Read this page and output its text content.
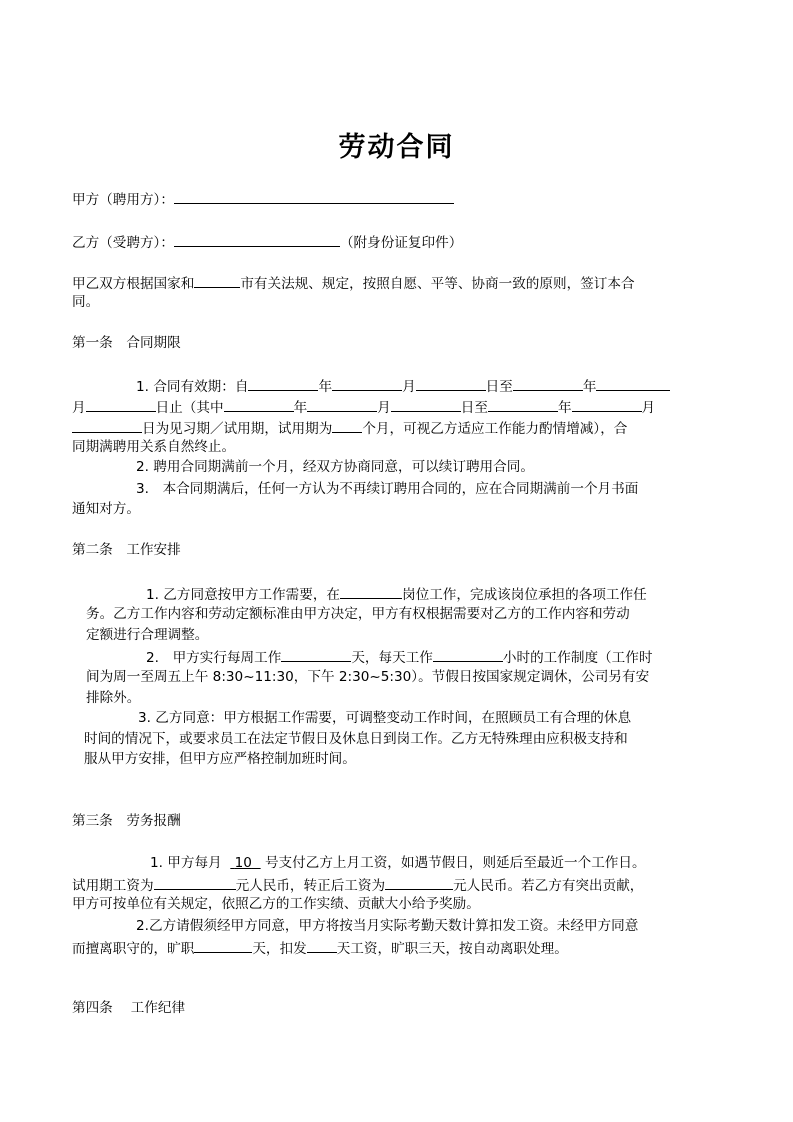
劳动合同
甲方（聘用方）：
乙方（受聘方）：	（附身份证复印件）
甲乙双方根据国家和	市有关法规、规定，按照自愿、平等、协商一致的原则，签订本合
同。
第一条　合同期限
1. 合同有效期：自	年	月	日至	年
月	日止（其中	年	月	日至	年	月
日为见习期／试用期，试用期为 个月，可视乙方适应工作能力酌情增减），合
同期满聘用关系自然终止。
2. 聘用合同期满前一个月，经双方协商同意，可以续订聘用合同。
3.　本合同期满后，任何一方认为不再续订聘用合同的，应在合同期满前一个月书面
通知对方。
第二条　工作安排
1. 乙方同意按甲方工作需要，在	岗位工作，完成该岗位承担的各项工作任
务。乙方工作内容和劳动定额标准由甲方决定，甲方有权根据需要对乙方的工作内容和劳动
定额进行合理调整。
2.　甲方实行每周工作	天，每天工作	小时的工作制度（工作时
间为周一至周五上午 8:30~11:30，下午 2:30~5:30）。节假日按国家规定调休，公司另有安
排除外。
3. 乙方同意：甲方根据工作需要，可调整变动工作时间，在照顾员工有合理的休息
时间的情况下，或要求员工在法定节假日及休息日到岗工作。乙方无特殊理由应积极支持和
服从甲方安排，但甲方应严格控制加班时间。
第三条　劳务报酬
1. 甲方每月 10 号支付乙方上月工资，如遇节假日，则延后至最近一个工作日。
试用期工资为	元人民币，转正后工资为	元人民币。若乙方有突出贡献，
甲方可按单位有关规定，依照乙方的工作实绩、贡献大小给予奖励。
2.乙方请假须经甲方同意，甲方将按当月实际考勤天数计算扣发工资。未经甲方同意
而擅离职守的，旷职	天，扣发 天工资，旷职三天，按自动离职处理。
第四条　 工作纪律
